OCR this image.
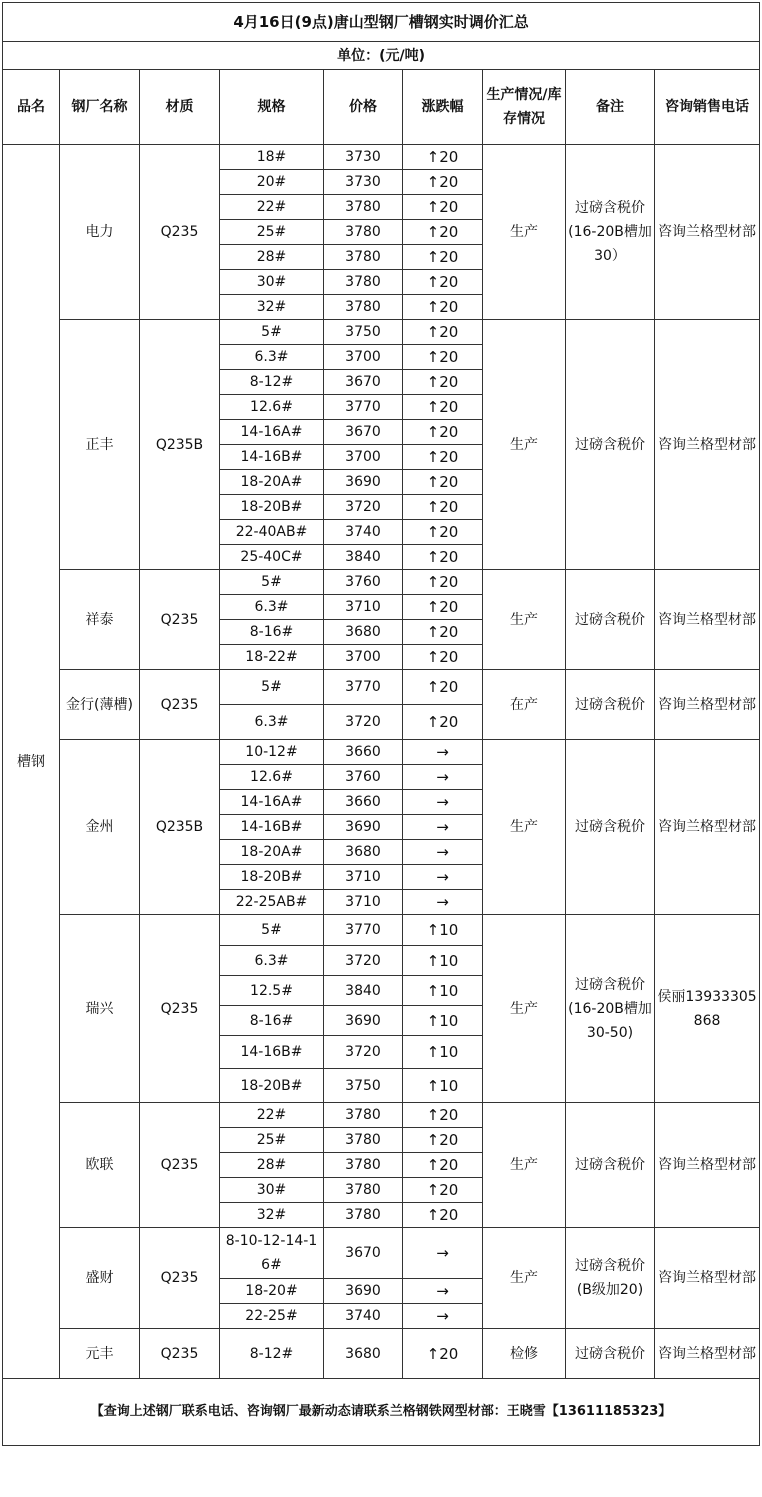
4月16日(9点)唐山型钢厂槽钢实时调价汇总								
单位：(元/吨)								
品名	钢厂名称	材质	规格	价格	涨跌幅	生产情况/库存情况	备注	咨询销售电话
槽钢	电力	Q235	18#	3730	↑20	生产	过磅含税价(16-20B槽加30）	咨询兰格型材部
			20#	3730	↑20			
			22#	3780	↑20			
			25#	3780	↑20			
			28#	3780	↑20			
			30#	3780	↑20			
			32#	3780	↑20			
	正丰	Q235B	5#	3750	↑20	生产	过磅含税价	咨询兰格型材部
			6.3#	3700	↑20			
			8-12#	3670	↑20			
			12.6#	3770	↑20			
			14-16A#	3670	↑20			
			14-16B#	3700	↑20			
			18-20A#	3690	↑20			
			18-20B#	3720	↑20			
			22-40AB#	3740	↑20			
			25-40C#	3840	↑20			
	祥泰	Q235	5#	3760	↑20	生产	过磅含税价	咨询兰格型材部
			6.3#	3710	↑20			
			8-16#	3680	↑20			
			18-22#	3700	↑20			
	金行(薄槽)	Q235	5#	3770	↑20	在产	过磅含税价	咨询兰格型材部
			6.3#	3720	↑20			
	金州	Q235B	10-12#	3660	→	生产	过磅含税价	咨询兰格型材部
			12.6#	3760	→			
			14-16A#	3660	→			
			14-16B#	3690	→			
			18-20A#	3680	→			
			18-20B#	3710	→			
			22-25AB#	3710	→			
	瑞兴	Q235	5#	3770	↑10	生产	过磅含税价(16-20B槽加30-50)	侯丽13933305868
			6.3#	3720	↑10			
			12.5#	3840	↑10			
			8-16#	3690	↑10			
			14-16B#	3720	↑10			
			18-20B#	3750	↑10			
	欧联	Q235	22#	3780	↑20	生产	过磅含税价	咨询兰格型材部
			25#	3780	↑20			
			28#	3780	↑20			
			30#	3780	↑20			
			32#	3780	↑20			
	盛财	Q235	8-10-12-14-16#	3670	→	生产	过磅含税价(B级加20)	咨询兰格型材部
			18-20#	3690	→			
			22-25#	3740	→			
	元丰	Q235	8-12#	3680	↑20	检修	过磅含税价	咨询兰格型材部
【查询上述钢厂联系电话、咨询钢厂最新动态请联系兰格钢铁网型材部：王晓雪【13611185323】								
